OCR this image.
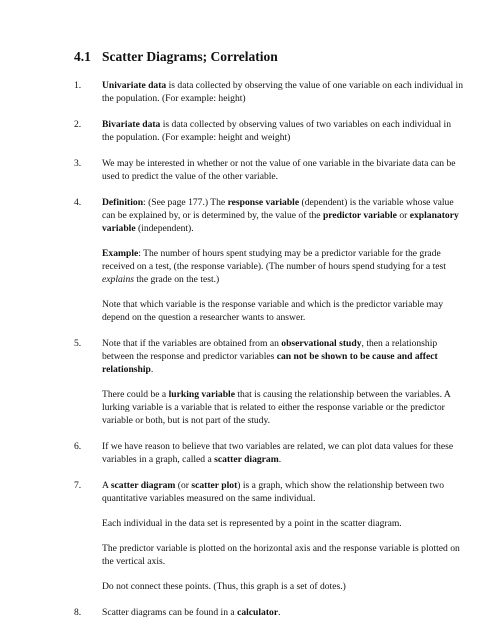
4.1 Scatter Diagrams; Correlation
1. Univariate data is data collected by observing the value of one variable on each individual in the population. (For example: height)

2. Bivariate data is data collected by observing values of two variables on each individual in the population. (For example: height and weight)

3. We may be interested in whether or not the value of one variable in the bivariate data can be used to predict the value of the other variable.

4. Definition: (See page 177.) The response variable (dependent) is the variable whose value can be explained by, or is determined by, the value of the predictor variable or explanatory variable (independent).

Example: The number of hours spent studying may be a predictor variable for the grade received on a test, (the response variable). (The number of hours spend studying for a test explains the grade on the test.)

Note that which variable is the response variable and which is the predictor variable may depend on the question a researcher wants to answer.

5. Note that if the variables are obtained from an observational study, then a relationship between the response and predictor variables can not be shown to be cause and affect relationship.

There could be a lurking variable that is causing the relationship between the variables. A lurking variable is a variable that is related to either the response variable or the predictor variable or both, but is not part of the study.

6. If we have reason to believe that two variables are related, we can plot data values for these variables in a graph, called a scatter diagram.

7. A scatter diagram (or scatter plot) is a graph, which show the relationship between two quantitative variables measured on the same individual.

Each individual in the data set is represented by a point in the scatter diagram.

The predictor variable is plotted on the horizontal axis and the response variable is plotted on the vertical axis.

Do not connect these points. (Thus, this graph is a set of dotes.)

8. Scatter diagrams can be found in a calculator.
